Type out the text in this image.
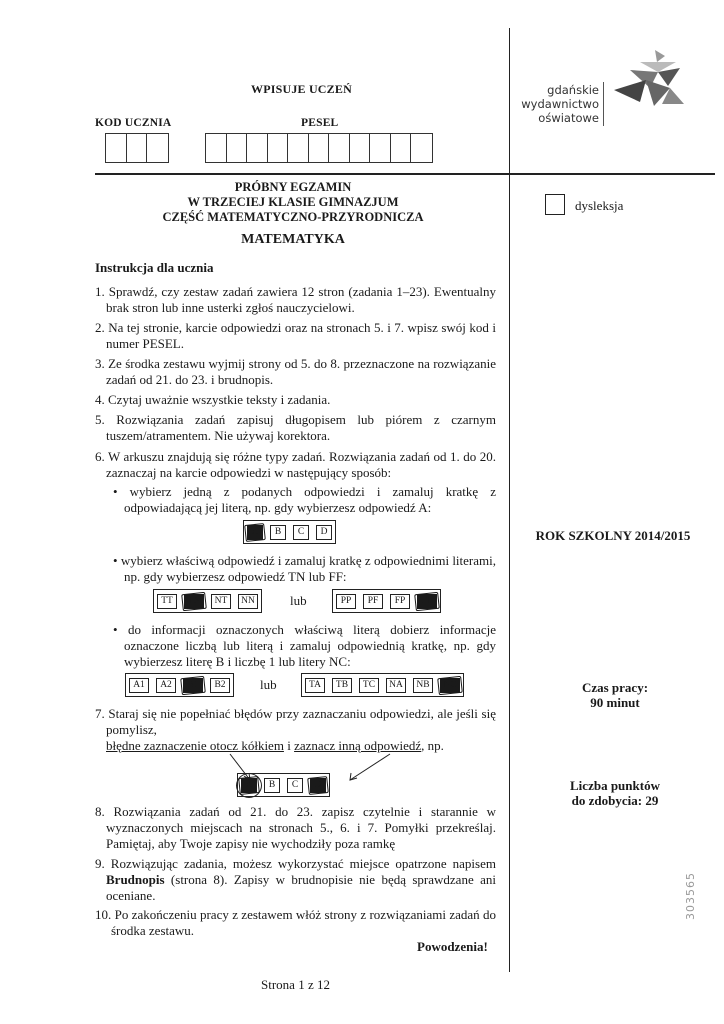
WPISUJE UCZEŃ
KOD UCZNIA	PESEL
gdańskie
wydawnictwo
oświatowe
dysleksja
PRÓBNY EGZAMIN
W TRZECIEJ KLASIE GIMNAZJUM
CZĘŚĆ MATEMATYCZNO-PRZYRODNICZA
MATEMATYKA
Instrukcja dla ucznia
1. Sprawdź, czy zestaw zadań zawiera 12 stron (zadania 1–23). Ewentualny brak stron lub inne usterki zgłoś nauczycielowi.
2. Na tej stronie, karcie odpowiedzi oraz na stronach 5. i 7. wpisz swój kod i numer PESEL.
3. Ze środka zestawu wyjmij strony od 5. do 8. przeznaczone na rozwiązanie zadań od 21. do 23. i brudnopis.
4. Czytaj uważnie wszystkie teksty i zadania.
5. Rozwiązania zadań zapisuj długopisem lub piórem z czarnym tuszem/atramentem. Nie używaj korektora.
6. W arkuszu znajdują się różne typy zadań. Rozwiązania zadań od 1. do 20. zaznaczaj na karcie odpowiedzi w następujący sposób:
• wybierz jedną z podanych odpowiedzi i zamaluj kratkę z odpowiadającą jej literą, np. gdy wybierzesz odpowiedź A:
A	B	C	D
• wybierz właściwą odpowiedź i zamaluj kratkę z odpowiednimi literami, np. gdy wybierzesz odpowiedź TN lub FF:
TT	TN	NT	NN	lub	PP	PF	FP	FF
• do informacji oznaczonych właściwą literą dobierz informacje oznaczone liczbą lub literą i zamaluj odpowiednią kratkę, np. gdy wybierzesz literę B i liczbę 1 lub litery NC:
A1	A2	B1	B2	lub	TA	TB	TC	NA	NB	NC
7. Staraj się nie popełniać błędów przy zaznaczaniu odpowiedzi, ale jeśli się pomylisz,
błędne zaznaczenie otocz kółkiem i zaznacz inną odpowiedź, np.
A	B	C	D
8. Rozwiązania zadań od 21. do 23. zapisz czytelnie i starannie w wyznaczonych miejscach na stronach 5., 6. i 7. Pomyłki przekreślaj. Pamiętaj, aby Twoje zapisy nie wychodziły poza ramkę
9. Rozwiązując zadania, możesz wykorzystać miejsce opatrzone napisem Brudnopis (strona 8). Zapisy w brudnopisie nie będą sprawdzane ani oceniane.
10. Po zakończeniu pracy z zestawem włóż strony z rozwiązaniami zadań do środka zestawu.
Powodzenia!
ROK SZKOLNY 2014/2015
Czas pracy:
90 minut
Liczba punktów
do zdobycia: 29
303565
Strona 1 z 12
